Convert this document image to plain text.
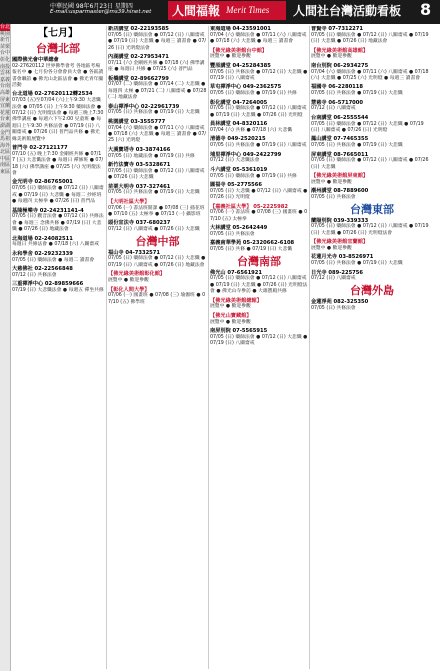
中華民國 98年6月23日 星期四
E-mail:usparmaster@ms39.hinet.net 人間福報 Merit Times 人間社台灣活動看板 8
台北
桃園
新竹
苗栗
台中
彰化
南投
雲林
嘉義
台南
高雄
屏東
宜蘭
花蓮
台東
澎湖
金門
馬祖
海外
北區
中區
南區
東區
【七月】
台灣北部
國際佛光會中華總會
02-27620112 世界佛學會考 各地區考場報名中 ● 七月份各分會會員大會 ● 各區讀書會聯誼 ● 佛光山北區法會 ● 佛光青年團活動
台北道場 02-27620112轉2534
07/03 (五)至07/04 (六)上午9:30 大悲懺法會 ● 07/05 (日) 上午9:30 藥師法會 ● 07/12 (日) 光明燈法會 ● 每週三晚上7:30 佛學講座 ● 每週六下午2:00 兒童班 ● 每週日上午9:30 共修法會 ● 07/19 (日) 八關齋戒 ● 07/26 (日) 普門品共修 ● 佛光緣美術館展覽中
普門寺 02-27121177
07/10 (五) 晚上7:30 金剛經共修 ● 07/17 (五) 大悲懺法會 ● 每週日 禪修班 ● 07/18 (六) 佛學講座 ● 07/25 (六) 光明燈法會
金光明寺 02-86765001
07/05 (日) 藥師法會 ● 07/12 (日) 八關齋戒 ● 07/19 (日) 大悲懺 ● 每週二 抄經班 ● 每週四 太極拳 ● 07/26 (日) 普門品
基隆極樂寺 02-24231141-4
07/05 (日) 觀音法會 ● 07/12 (日) 共修法會 ● 每週三 念佛共修 ● 07/19 (日) 大悲懺 ● 07/26 (日) 地藏法會
北海道場 02-24082511
每週日 共修法會 ● 07/18 (六) 八關齋戒
永和學舍 02-29232339
07/05 (日) 藥師法會 ● 每週二 讀書會
大慈佛社 02-22566848
07/12 (日) 共修法會
三重禪淨中心 02-89859666
07/19 (日) 大悲懺法會 ● 每週五 禪坐共修
新店講堂 02-22193585
07/05 (日) 藥師法會 ● 07/12 (日) 八關齋戒 ● 07/19 (日) 大悲懺 ● 每週三 讀書會 ● 07/26 (日) 光明燈法會
內湖講堂 02-27953471
07/11 (六) 金剛經共修 ● 07/18 (六) 佛學講座 ● 每週日 共修 ● 07/25 (六) 普門品
板橋講堂 02-89662799
07/07 (二) 藥師法會 ● 07/14 (二) 大悲懺 ● 每週四 太極 ● 07/21 (二) 八關齋戒 ● 07/28 (二) 地藏法會
泰山禪淨中心 02-22961739
07/05 (日) 共修法會 ● 07/19 (日) 大悲懺
桃園講堂 03-3555777
07/04 (六) 藥師法會 ● 07/11 (六) 八關齋戒 ● 07/18 (六) 大悲懺 ● 每週三 讀書會 ● 07/25 (六) 光明燈
大溪寶塔寺 03-3874166
07/05 (日) 地藏法會 ● 07/19 (日) 共修
新竹法寶寺 03-5328671
07/05 (日) 藥師法會 ● 07/12 (日) 八關齋戒 ● 07/26 (日) 大悲懺
苗栗大明寺 037-327461
07/05 (日) 共修法會 ● 07/19 (日) 大悲懺
【大明社區大學】
07/06 (一) 書法班開課 ● 07/08 (三) 插花班 ● 07/10 (五) 太極拳 ● 07/13 (一) 攝影班
頭份宣法寺 037-680237
07/12 (日) 八關齋戒 ● 07/26 (日) 大悲懺
台灣中部
福山寺 04-7332571
07/05 (日) 藥師法會 ● 07/12 (日) 大悲懺 ● 07/19 (日) 八關齋戒 ● 07/26 (日) 地藏法會
【佛光緣美術館彰化館】
展覽中 ● 歡迎參觀
【彰化人間大學】
07/06 (一) 國畫班 ● 07/08 (三) 瑜伽班 ● 07/10 (五) 佛學班
東海道場 04-23591001
07/04 (六) 藥師法會 ● 07/11 (六) 八關齋戒 ● 07/18 (六) 大悲懺 ● 每週三 讀書會
【佛光緣美術館台中館】
展覽中 ● 歡迎參觀
豐原講堂 04-25284385
07/05 (日) 共修法會 ● 07/12 (日) 大悲懺 ● 07/19 (日) 八關齋戒
草屯禪淨中心 049-2362575
07/05 (日) 藥師法會 ● 07/19 (日) 共修
彰化講堂 04-7264005
07/05 (日) 藥師法會 ● 07/12 (日) 八關齋戒 ● 07/19 (日) 大悲懺 ● 07/26 (日) 光明燈
員林講堂 04-8320116
07/04 (六) 共修 ● 07/18 (六) 大悲懺
清德寺 049-2520215
07/05 (日) 共修法會 ● 07/19 (日) 八關齋戒
埔里禪淨中心 049-2422799
07/12 (日) 大悲懺法會
斗六講堂 05-5361019
07/05 (日) 藥師法會 ● 07/19 (日) 共修
圓福寺 05-2775566
07/05 (日) 大悲懺 ● 07/12 (日) 八關齋戒 ● 07/26 (日) 光明燈
【嘉義社區大學】 05-2225982
07/06 (一) 書法班 ● 07/08 (三) 國畫班 ● 07/10 (五) 太極拳
大林講堂 05-2642449
07/05 (日) 共修法會
嘉義南華學苑 05-2320662-6108
07/05 (日) 共修 ● 07/19 (日) 大悲懺
台灣南部
佛光山 07-6561921
07/05 (日) 藥師法會 ● 07/12 (日) 八關齋戒 ● 07/19 (日) 大悲懺 ● 07/26 (日) 光明燈法會 ● 佛光山寺參訪 ● 大雄寶殿共修
【佛光緣美術館總館】
展覽中 ● 歡迎參觀
【佛光山寶藏館】
展覽中 ● 歡迎參觀
南屏別院 07-5565915
07/05 (日) 藥師法會 ● 07/12 (日) 大悲懺 ● 07/19 (日) 八關齋戒
普賢寺 07-7312271
07/05 (日) 藥師法會 ● 07/12 (日) 八關齋戒 ● 07/19 (日) 大悲懺 ● 07/26 (日) 地藏法會
【佛光緣美術館高雄館】
展覽中 ● 歡迎參觀
南台別院 06-2934275
07/04 (六) 藥師法會 ● 07/11 (六) 八關齋戒 ● 07/18 (六) 大悲懺 ● 07/25 (六) 光明燈 ● 每週三 讀書會
福國寺 06-2280118
07/05 (日) 共修法會 ● 07/19 (日) 大悲懺
慧慈寺 06-5717000
07/12 (日) 八關齋戒
台南講堂 06-2555544
07/05 (日) 藥師法會 ● 07/12 (日) 大悲懺 ● 07/19 (日) 八關齋戒 ● 07/26 (日) 光明燈
鳳山講堂 07-7465355
07/05 (日) 共修法會 ● 07/19 (日) 大悲懺
屏東講堂 08-7665011
07/05 (日) 藥師法會 ● 07/12 (日) 八關齋戒 ● 07/26 (日) 大悲懺
【佛光緣美術館屏東館】
展覽中 ● 歡迎參觀
潮州講堂 08-7889600
07/05 (日) 共修法會
台灣東部
蘭陽別院 039-339333
07/05 (日) 藥師法會 ● 07/12 (日) 八關齋戒 ● 07/19 (日) 大悲懺 ● 07/26 (日) 光明燈法會
【佛光緣美術館宜蘭館】
展覽中 ● 歡迎參觀
花蓮月光寺 03-8526971
07/05 (日) 共修法會 ● 07/19 (日) 大悲懺
日光寺 089-225756
07/12 (日) 八關齋戒
台灣外島
金蓮淨苑 082-325350
07/05 (日) 共修法會
